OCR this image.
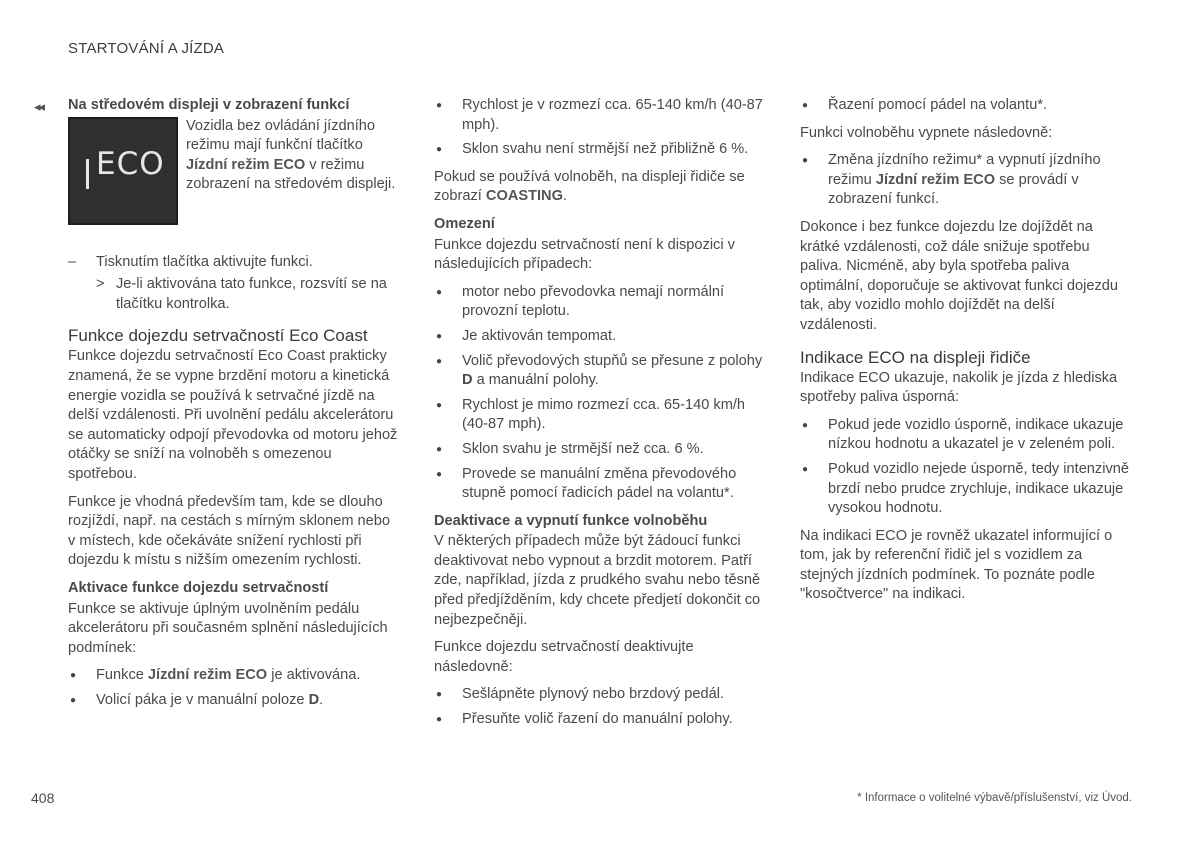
STARTOVÁNÍ A JÍZDA
◂◂ Na středovém displeji v zobrazení funkcí
ECO

Vozidla bez ovládání jízdního režimu mají funkční tlačítko Jízdní režim ECO v režimu zobrazení na středovém displeji.

– Tisknutím tlačítka aktivujte funkci.
> Je-li aktivována tato funkce, rozsvítí se na tlačítku kontrolka.
Funkce dojezdu setrvačností Eco Coast

Funkce dojezdu setrvačností Eco Coast prakticky znamená, že se vypne brzdění motoru a kinetická energie vozidla se používá k setrvačné jízdě na delší vzdálenosti. Při uvolnění pedálu akcelerátoru se automaticky odpojí převodovka od motoru jehož otáčky se sníží na volnoběh s omezenou spotřebou.

Funkce je vhodná především tam, kde se dlouho rozjíždí, např. na cestách s mírným sklonem nebo v místech, kde očekáváte snížení rychlosti při dojezdu k místu s nižším omezením rychlosti.

Aktivace funkce dojezdu setrvačností

Funkce se aktivuje úplným uvolněním pedálu akcelerátoru při současném splnění následujících podmínek:

● Funkce Jízdní režim ECO je aktivována.
● Volicí páka je v manuální poloze D.
● Rychlost je v rozmezí cca. 65-140 km/h (40-87 mph).
● Sklon svahu není strmější než přibližně 6 %.

Pokud se používá volnoběh, na displeji řidiče se zobrazí COASTING.

Omezení

Funkce dojezdu setrvačností není k dispozici v následujících případech:

● motor nebo převodovka nemají normální provozní teplotu.
● Je aktivován tempomat.
● Volič převodových stupňů se přesune z polohy D a manuální polohy.
● Rychlost je mimo rozmezí cca. 65-140 km/h (40-87 mph).
● Sklon svahu je strmější než cca. 6 %.
● Provede se manuální změna převodového stupně pomocí řadicích pádel na volantu*.
Deaktivace a vypnutí funkce volnoběhu

V některých případech může být žádoucí funkci deaktivovat nebo vypnout a brzdit motorem. Patří zde, například, jízda z prudkého svahu nebo těsně před předjížděním, kdy chcete předjetí dokončit co nejbezpečněji.

Funkce dojezdu setrvačností deaktivujte následovně:

● Sešlápněte plynový nebo brzdový pedál.
● Přesuňte volič řazení do manuální polohy.
● Řazení pomocí pádel na volantu*.

Funkci volnoběhu vypnete následovně:

● Změna jízdního režimu* a vypnutí jízdního režimu Jízdní režim ECO se provádí v zobrazení funkcí.

Dokonce i bez funkce dojezdu lze dojíždět na krátké vzdálenosti, což dále snižuje spotřebu paliva. Nicméně, aby byla spotřeba paliva optimální, doporučuje se aktivovat funkci dojezdu tak, aby vozidlo mohlo dojíždět na delší vzdálenosti.

Indikace ECO na displeji řidiče

Indikace ECO ukazuje, nakolik je jízda z hlediska spotřeby paliva úsporná:

● Pokud jede vozidlo úsporně, indikace ukazuje nízkou hodnotu a ukazatel je v zeleném poli.
● Pokud vozidlo nejede úsporně, tedy intenzivně brzdí nebo prudce zrychluje, indikace ukazuje vysokou hodnotu.

Na indikaci ECO je rovněž ukazatel informující o tom, jak by referenční řidič jel s vozidlem za stejných jízdních podmínek. To poznáte podle "kosočtverce" na indikaci.

408	* Informace o volitelné výbavě/příslušenství, viz Úvod.
